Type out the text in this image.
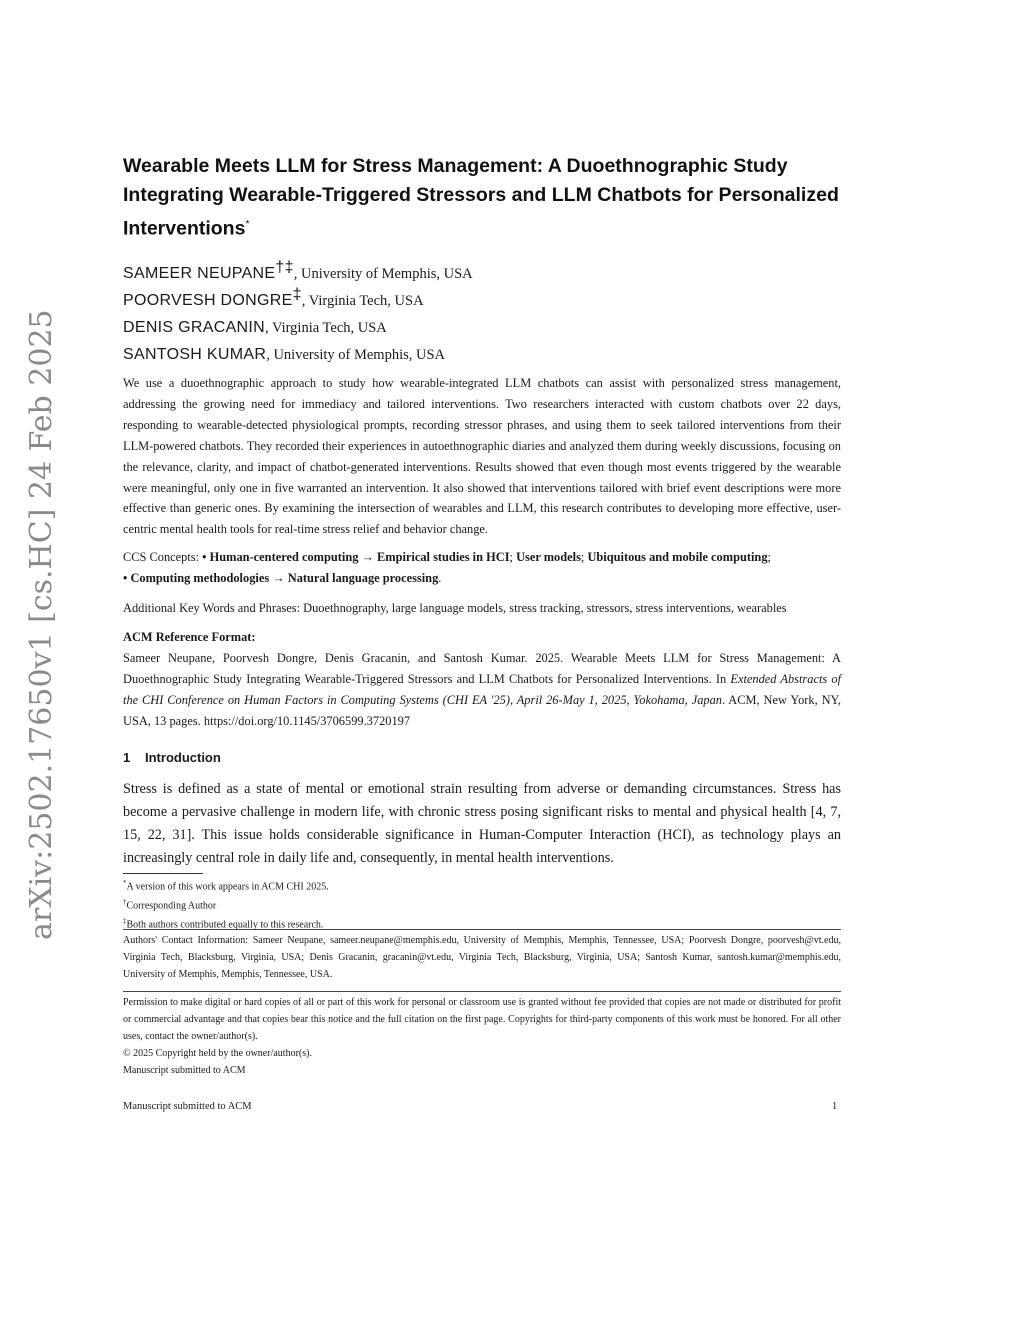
arXiv:2502.17650v1 [cs.HC] 24 Feb 2025
Wearable Meets LLM for Stress Management: A Duoethnographic Study Integrating Wearable-Triggered Stressors and LLM Chatbots for Personalized Interventions*
SAMEER NEUPANE†‡, University of Memphis, USA
POORVESH DONGRE‡, Virginia Tech, USA
DENIS GRACANIN, Virginia Tech, USA
SANTOSH KUMAR, University of Memphis, USA
We use a duoethnographic approach to study how wearable-integrated LLM chatbots can assist with personalized stress management, addressing the growing need for immediacy and tailored interventions. Two researchers interacted with custom chatbots over 22 days, responding to wearable-detected physiological prompts, recording stressor phrases, and using them to seek tailored interventions from their LLM-powered chatbots. They recorded their experiences in autoethnographic diaries and analyzed them during weekly discussions, focusing on the relevance, clarity, and impact of chatbot-generated interventions. Results showed that even though most events triggered by the wearable were meaningful, only one in five warranted an intervention. It also showed that interventions tailored with brief event descriptions were more effective than generic ones. By examining the intersection of wearables and LLM, this research contributes to developing more effective, user-centric mental health tools for real-time stress relief and behavior change.
CCS Concepts: • Human-centered computing → Empirical studies in HCI; User models; Ubiquitous and mobile computing;
• Computing methodologies → Natural language processing.
Additional Key Words and Phrases: Duoethnography, large language models, stress tracking, stressors, stress interventions, wearables
ACM Reference Format:
Sameer Neupane, Poorvesh Dongre, Denis Gracanin, and Santosh Kumar. 2025. Wearable Meets LLM for Stress Management: A Duoethnographic Study Integrating Wearable-Triggered Stressors and LLM Chatbots for Personalized Interventions. In Extended Abstracts of the CHI Conference on Human Factors in Computing Systems (CHI EA '25), April 26-May 1, 2025, Yokohama, Japan. ACM, New York, NY, USA, 13 pages. https://doi.org/10.1145/3706599.3720197
1 Introduction
Stress is defined as a state of mental or emotional strain resulting from adverse or demanding circumstances. Stress has become a pervasive challenge in modern life, with chronic stress posing significant risks to mental and physical health [4, 7, 15, 22, 31]. This issue holds considerable significance in Human-Computer Interaction (HCI), as technology plays an increasingly central role in daily life and, consequently, in mental health interventions.
*A version of this work appears in ACM CHI 2025.
†Corresponding Author
‡Both authors contributed equally to this research.
Authors' Contact Information: Sameer Neupane, sameer.neupane@memphis.edu, University of Memphis, Memphis, Tennessee, USA; Poorvesh Dongre, poorvesh@vt.edu, Virginia Tech, Blacksburg, Virginia, USA; Denis Gracanin, gracanin@vt.edu, Virginia Tech, Blacksburg, Virginia, USA; Santosh Kumar, santosh.kumar@memphis.edu, University of Memphis, Memphis, Tennessee, USA.
Permission to make digital or hard copies of all or part of this work for personal or classroom use is granted without fee provided that copies are not made or distributed for profit or commercial advantage and that copies bear this notice and the full citation on the first page. Copyrights for third-party components of this work must be honored. For all other uses, contact the owner/author(s).
© 2025 Copyright held by the owner/author(s).
Manuscript submitted to ACM
Manuscript submitted to ACM	1
